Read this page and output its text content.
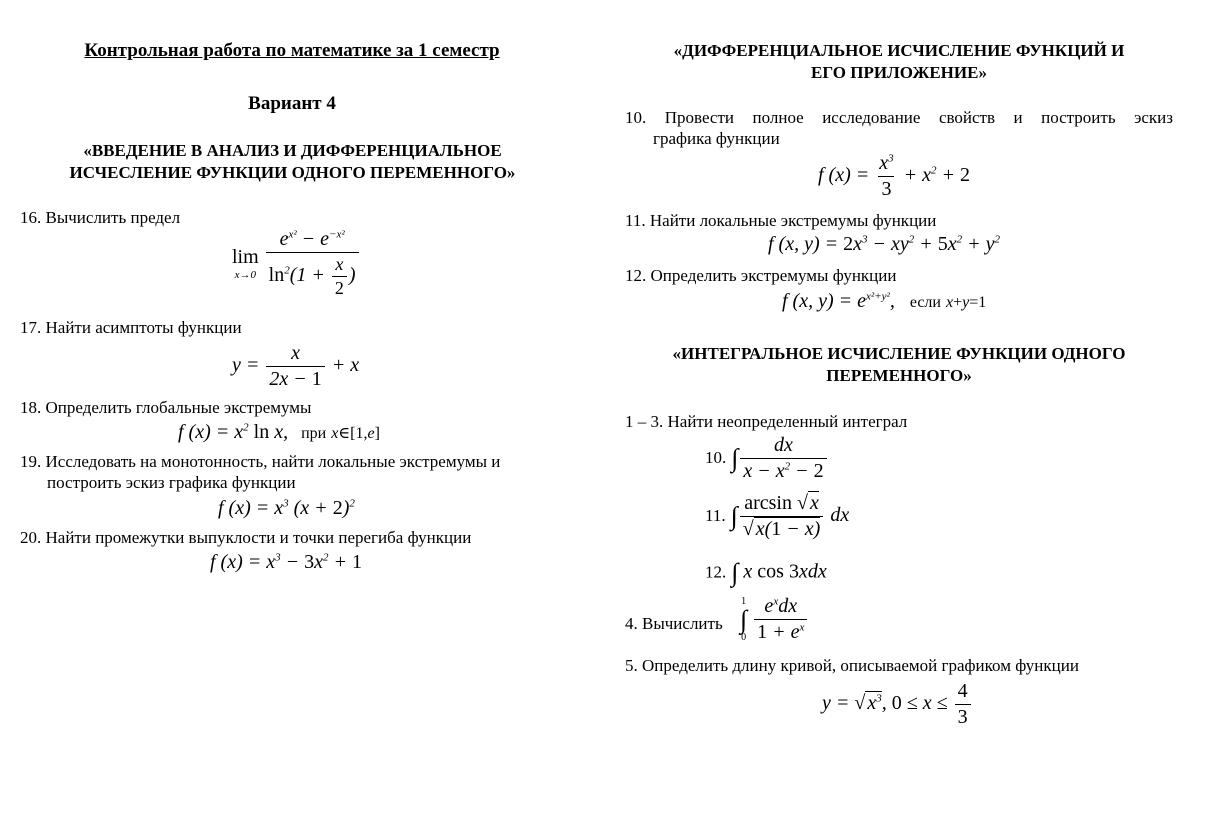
Контрольная работа по математике за 1 семестр
Вариант 4
«ВВЕДЕНИЕ В АНАЛИЗ И ДИФФЕРЕНЦИАЛЬНОЕ
ИСЧЕСЛЕНИЕ ФУНКЦИИ ОДНОГО ПЕРЕМЕННОГО»
16. Вычислить предел
lim
x→0
$\frac{e^{x^2} - e^{-x^2}}{\ln^2(1 + \frac{x}{2} )}$
17. Найти асимптоты функции
$y = \frac{x}{2x - 1} + x$
18. Определить глобальные экстремумы
f $(x) = x^2$ ln x, при x∈[1,e]
19. Исследовать на монотонность, найти локальные экстремумы и
построить эскиз графика функции
f $(x) = x^3$ $(x + 2)^2$
20. Найти промежутки выпуклости и точки перегиба функции
f $(x) = x^3 - 3x^2 + 1$
«ДИФФЕРЕНЦИАЛЬНОЕ ИСЧИСЛЕНИЕ ФУНКЦИЙ И
ЕГО ПРИЛОЖЕНИЕ»
10. Провести полное исследование свойств и построить эскиз
графика функции
f $(x) = \frac{x^3}{3} + x^2 + 2$
11. Найти локальные экстремумы функции
f (x, $y) = 2x^3 - xy^2 + 5x^2 + y^2$
12. Определить экстремумы функции
f (x, $y) = e^{x^2+y^2}$, если x+y=1
«ИНТЕГРАЛЬНОЕ ИСЧИСЛЕНИЕ ФУНКЦИИ ОДНОГО
ПЕРЕМЕННОГО»
1 – 3. Найти неопределенный интеграл
10. ∫ $\frac{dx}{x - x^2 - 2}$
11. ∫ $\frac{\arcsin √ x}{√ x(1 - x)}$ dx
12. ∫ x cos 3xdx
4. Вычислить
1
∫
0
$\frac{e^xdx}{1 + e^x}$
5. Определить длину кривой, описываемой графиком функции
y = √ $x^3$, $0 \le x \le \frac{4}{3}$
